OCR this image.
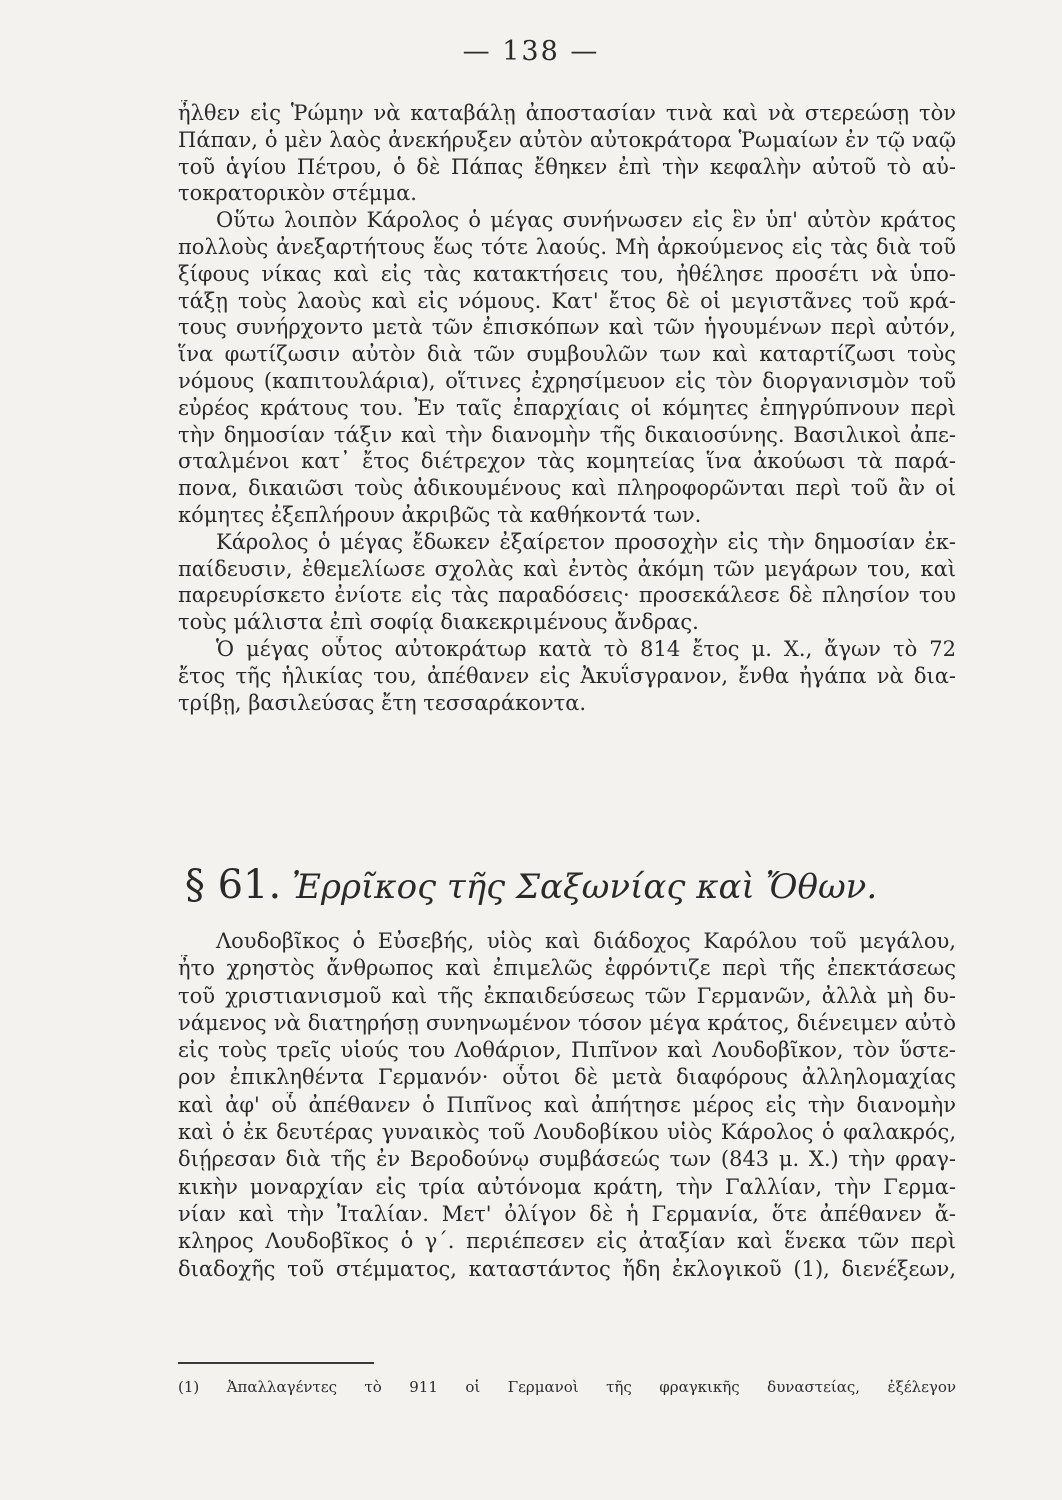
— 138 —
ἦλθεν εἰς Ῥώμην νὰ καταβάλῃ ἀποστασίαν τινὰ καὶ νὰ στερεώσῃ τὸν
Πάπαν, ὁ μὲν λαὸς ἀνεκήρυξεν αὐτὸν αὐτοκράτορα Ῥωμαίων ἐν τῷ ναῷ
τοῦ ἁγίου Πέτρου, ὁ δὲ Πάπας ἔθηκεν ἐπὶ τὴν κεφαλὴν αὐτοῦ τὸ αὐ-
τοκρατορικὸν στέμμα.
Οὕτω λοιπὸν Κάρολος ὁ μέγας συνήνωσεν εἰς ἓν ὑπ' αὐτὸν κράτος
πολλοὺς ἀνεξαρτήτους ἕως τότε λαούς. Μὴ ἀρκούμενος εἰς τὰς διὰ τοῦ
ξίφους νίκας καὶ εἰς τὰς κατακτήσεις του, ἠθέλησε προσέτι νὰ ὑπο-
τάξῃ τοὺς λαοὺς καὶ εἰς νόμους. Κατ' ἔτος δὲ οἱ μεγιστᾶνες τοῦ κρά-
τους συνήρχοντο μετὰ τῶν ἐπισκόπων καὶ τῶν ἡγουμένων περὶ αὐτόν,
ἵνα φωτίζωσιν αὐτὸν διὰ τῶν συμβουλῶν των καὶ καταρτίζωσι τοὺς
νόμους (καπιτουλάρια), οἵτινες ἐχρησίμευον εἰς τὸν διοργανισμὸν τοῦ
εὐρέος κράτους του. Ἐν ταῖς ἐπαρχίαις οἱ κόμητες ἐπηγρύπνουν περὶ
τὴν δημοσίαν τάξιν καὶ τὴν διανομὴν τῆς δικαιοσύνης. Βασιλικοὶ ἀπε-
σταλμένοι κατ᾽ ἔτος διέτρεχον τὰς κομητείας ἵνα ἀκούωσι τὰ παρά-
πονα, δικαιῶσι τοὺς ἀδικουμένους καὶ πληροφορῶνται περὶ τοῦ ἂν οἱ
κόμητες ἐξεπλήρουν ἀκριβῶς τὰ καθήκοντά των.
Κάρολος ὁ μέγας ἔδωκεν ἐξαίρετον προσοχὴν εἰς τὴν δημοσίαν ἐκ-
παίδευσιν, ἐθεμελίωσε σχολὰς καὶ ἐντὸς ἀκόμη τῶν μεγάρων του, καὶ
παρευρίσκετο ἐνίοτε εἰς τὰς παραδόσεις· προσεκάλεσε δὲ πλησίον του
τοὺς μάλιστα ἐπὶ σοφίᾳ διακεκριμένους ἄνδρας.
Ὁ μέγας οὗτος αὐτοκράτωρ κατὰ τὸ 814 ἔτος μ. Χ., ἄγων τὸ 72
ἔτος τῆς ἡλικίας του, ἀπέθανεν εἰς Ἀκυΐσγρανον, ἔνθα ἠγάπα νὰ δια-
τρίβῃ, βασιλεύσας ἔτη τεσσαράκοντα.
§ 61. Ἐρρῖκος τῆς Σαξωνίας καὶ Ὄθων.
Λουδοβῖκος ὁ Εὐσεβής, υἱὸς καὶ διάδοχος Καρόλου τοῦ μεγάλου,
ἦτο χρηστὸς ἄνθρωπος καὶ ἐπιμελῶς ἐφρόντιζε περὶ τῆς ἐπεκτάσεως
τοῦ χριστιανισμοῦ καὶ τῆς ἐκπαιδεύσεως τῶν Γερμανῶν, ἀλλὰ μὴ δυ-
νάμενος νὰ διατηρήσῃ συνηνωμένον τόσον μέγα κράτος, διένειμεν αὐτὸ
εἰς τοὺς τρεῖς υἱούς του Λοθάριον, Πιπῖνον καὶ Λουδοβῖκον, τὸν ὕστε-
ρον ἐπικληθέντα Γερμανόν· οὗτοι δὲ μετὰ διαφόρους ἀλληλομαχίας
καὶ ἀφ' οὗ ἀπέθανεν ὁ Πιπῖνος καὶ ἀπήτησε μέρος εἰς τὴν διανομὴν
καὶ ὁ ἐκ δευτέρας γυναικὸς τοῦ Λουδοβίκου υἱὸς Κάρολος ὁ φαλακρός,
διῄρεσαν διὰ τῆς ἐν Βεροδούνῳ συμβάσεώς των (843 μ. Χ.) τὴν φραγ-
κικὴν μοναρχίαν εἰς τρία αὐτόνομα κράτη, τὴν Γαλλίαν, τὴν Γερμα-
νίαν καὶ τὴν Ἰταλίαν. Μετ' ὀλίγον δὲ ἡ Γερμανία, ὅτε ἀπέθανεν ἄ-
κληρος Λουδοβῖκος ὁ γ΄. περιέπεσεν εἰς ἀταξίαν καὶ ἕνεκα τῶν περὶ
διαδοχῆς τοῦ στέμματος, καταστάντος ἤδη ἐκλογικοῦ (1), διενέξεων,
(1) Ἀπαλλαγέντες τὸ 911 οἱ Γερμανοὶ τῆς φραγκικῆς δυναστείας, ἐξέλεγον
